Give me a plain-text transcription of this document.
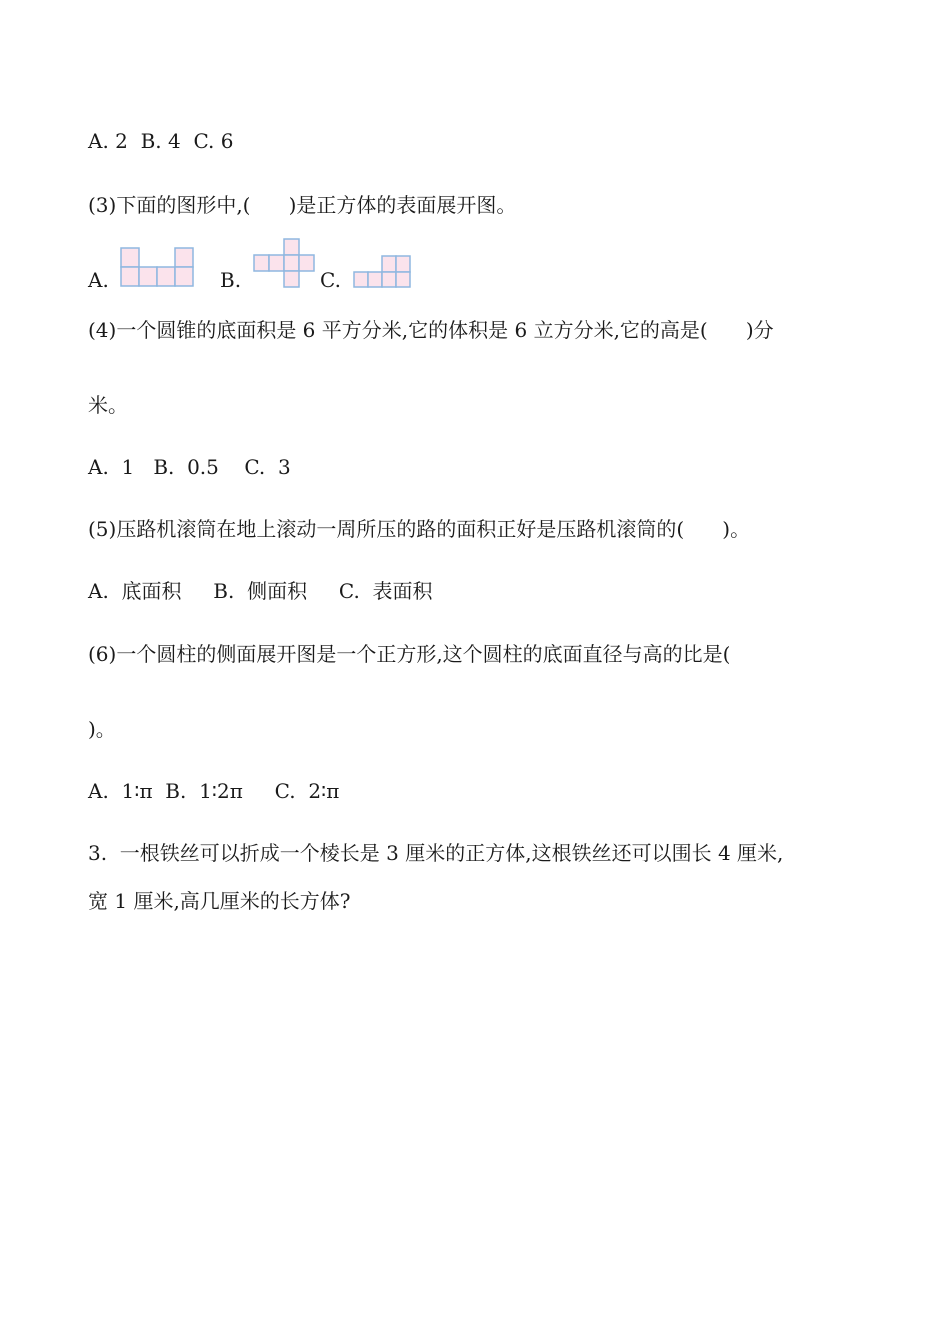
A. 2  B. 4  C. 6
(3)下面的图形中,(      )是正方体的表面展开图。
A.	B.	C.
(4)一个圆锥的底面积是 6 平方分米,它的体积是 6 立方分米,它的高是(      )分
米。
A.  1   B.  0.5    C.  3
(5)压路机滚筒在地上滚动一周所压的路的面积正好是压路机滚筒的(      )。
A.  底面积     B.  侧面积     C.  表面积
(6)一个圆柱的侧面展开图是一个正方形,这个圆柱的底面直径与高的比是(
)。
A.  1∶π  B.  1∶2π     C.  2∶π
3.  一根铁丝可以折成一个棱长是 3 厘米的正方体,这根铁丝还可以围长 4 厘米,
宽 1 厘米,高几厘米的长方体?
